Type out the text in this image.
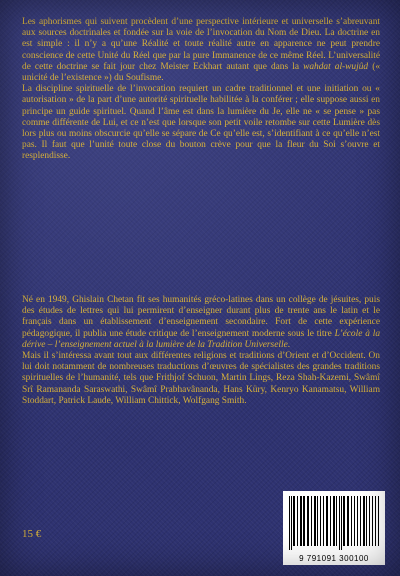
Les aphorismes qui suivent procèdent d’une perspective intérieure et universelle s’abreuvant aux sources doctrinales et fondée sur la voie de l’invocation du Nom de Dieu. La doctrine en est simple : il n’y a qu’une Réalité et toute réalité autre en apparence ne peut prendre conscience de cette Unité du Réel que par la pure Immanence de ce même Réel. L’universalité de cette doctrine se fait jour chez Meister Eckhart autant que dans la wahdat al-wujûd (« unicité de l’existence ») du Soufisme.

La discipline spirituelle de l’invocation requiert un cadre traditionnel et une initiation ou « autorisation » de la part d’une autorité spirituelle habilitée à la conférer ; elle suppose aussi en principe un guide spirituel. Quand l’âme est dans la lumière du Je, elle ne « se pense » pas comme différente de Lui, et ce n’est que lorsque son petit voile retombe sur cette Lumière dès lors plus ou moins obscurcie qu’elle se sépare de Ce qu’elle est, s’identifiant à ce qu’elle n’est pas. Il faut que l’unité toute close du bouton crève pour que la fleur du Soi s’ouvre et resplendisse.

Né en 1949, Ghislain Chetan fit ses humanités gréco-latines dans un collège de jésuites, puis des études de lettres qui lui permirent d’enseigner durant plus de trente ans le latin et le français dans un établissement d’enseignement secondaire. Fort de cette expérience pédagogique, il publia une étude critique de l’enseignement moderne sous le titre L’école à la dérive – l’enseignement actuel à la lumière de la Tradition Universelle.

Mais il s’intéressa avant tout aux différentes religions et traditions d’Orient et d’Occident. On lui doit notamment de nombreuses traductions d’œuvres de spécialistes des grandes traditions spirituelles de l’humanité, tels que Frithjof Schuon, Martin Lings, Reza Shah-Kazemi, Swâmî Srî Ramananda Saraswathi, Swâmî Prabhavânanda, Hans Küry, Kenryo Kanamatsu, William Stoddart, Patrick Laude, William Chittick, Wolfgang Smith.

15 €
9 791091 300100
